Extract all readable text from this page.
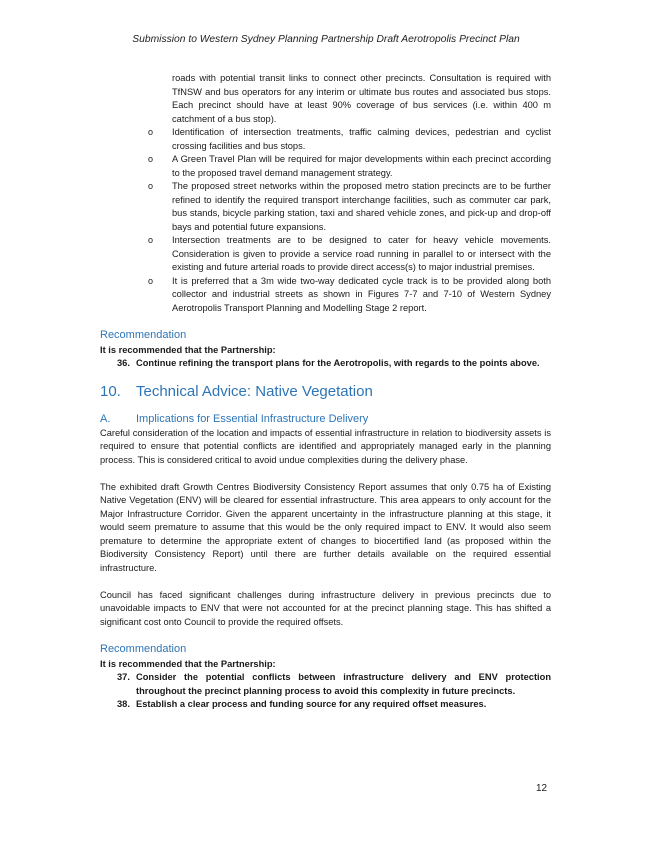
Submission to Western Sydney Planning Partnership Draft Aerotropolis Precinct Plan
roads with potential transit links to connect other precincts. Consultation is required with TfNSW and bus operators for any interim or ultimate bus routes and associated bus stops. Each precinct should have at least 90% coverage of bus services (i.e. within 400 m catchment of a bus stop).
o Identification of intersection treatments, traffic calming devices, pedestrian and cyclist crossing facilities and bus stops.
o A Green Travel Plan will be required for major developments within each precinct according to the proposed travel demand management strategy.
o The proposed street networks within the proposed metro station precincts are to be further refined to identify the required transport interchange facilities, such as commuter car park, bus stands, bicycle parking station, taxi and shared vehicle zones, and pick-up and drop-off bays and potential future expansions.
o Intersection treatments are to be designed to cater for heavy vehicle movements. Consideration is given to provide a service road running in parallel to or intersect with the existing and future arterial roads to provide direct access(s) to major industrial premises.
o It is preferred that a 3m wide two-way dedicated cycle track is to be provided along both collector and industrial streets as shown in Figures 7-7 and 7-10 of Western Sydney Aerotropolis Transport Planning and Modelling Stage 2 report.
Recommendation
It is recommended that the Partnership:
36. Continue refining the transport plans for the Aerotropolis, with regards to the points above.
10.	Technical Advice: Native Vegetation
A.	Implications for Essential Infrastructure Delivery

Careful consideration of the location and impacts of essential infrastructure in relation to biodiversity assets is required to ensure that potential conflicts are identified and appropriately managed early in the planning process. This is considered critical to avoid undue complexities during the delivery phase.

The exhibited draft Growth Centres Biodiversity Consistency Report assumes that only 0.75 ha of Existing Native Vegetation (ENV) will be cleared for essential infrastructure. This area appears to only account for the Major Infrastructure Corridor. Given the apparent uncertainty in the infrastructure planning at this stage, it would seem premature to assume that this would be the only required impact to ENV. It would also seem premature to determine the appropriate extent of changes to biocertified land (as proposed within the Biodiversity Consistency Report) until there are further details available on the required essential infrastructure.

Council has faced significant challenges during infrastructure delivery in previous precincts due to unavoidable impacts to ENV that were not accounted for at the precinct planning stage. This has shifted a significant cost onto Council to provide the required offsets.

Recommendation
It is recommended that the Partnership:
37. Consider the potential conflicts between infrastructure delivery and ENV protection throughout the precinct planning process to avoid this complexity in future precincts.
38. Establish a clear process and funding source for any required offset measures.
12
